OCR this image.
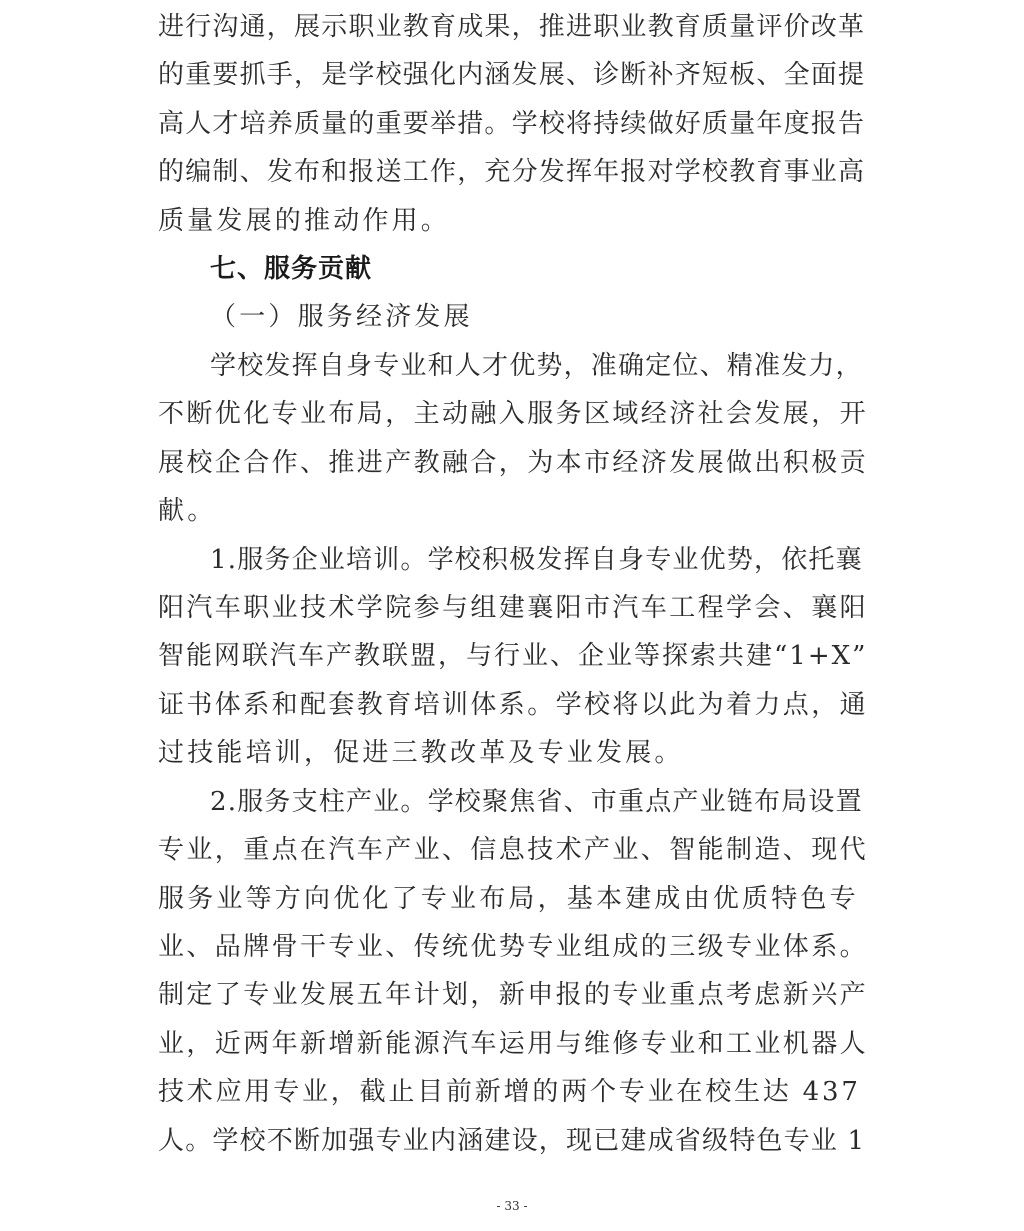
进行沟通，展示职业教育成果，推进职业教育质量评价改革
的重要抓手，是学校强化内涵发展、诊断补齐短板、全面提
高人才培养质量的重要举措。学校将持续做好质量年度报告
的编制、发布和报送工作，充分发挥年报对学校教育事业高
质量发展的推动作用。
七、服务贡献
（一）服务经济发展
学校发挥自身专业和人才优势，准确定位、精准发力，
不断优化专业布局，主动融入服务区域经济社会发展，开
展校企合作、推进产教融合，为本市经济发展做出积极贡
献。
1.服务企业培训。学校积极发挥自身专业优势，依托襄
阳汽车职业技术学院参与组建襄阳市汽车工程学会、襄阳
智能网联汽车产教联盟，与行业、企业等探索共建“1+X”
证书体系和配套教育培训体系。学校将以此为着力点，通
过技能培训，促进三教改革及专业发展。
2.服务支柱产业。学校聚焦省、市重点产业链布局设置
专业，重点在汽车产业、信息技术产业、智能制造、现代
服务业等方向优化了专业布局，基本建成由优质特色专
业、品牌骨干专业、传统优势专业组成的三级专业体系。
制定了专业发展五年计划，新申报的专业重点考虑新兴产
业，近两年新增新能源汽车运用与维修专业和工业机器人
技术应用专业，截止目前新增的两个专业在校生达 437
人。学校不断加强专业内涵建设，现已建成省级特色专业 1
- 33 -
